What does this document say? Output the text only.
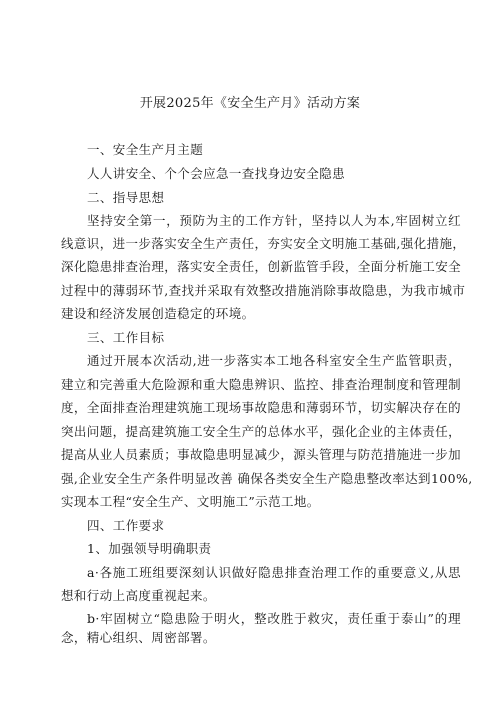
开展2025年《安全生产月》活动方案
一、安全生产月主题
人人讲安全、个个会应急一查找身边安全隐患
二、指导思想
坚持安全第一，预防为主的工作方针，坚持以人为本,牢固树立红
线意识，进一步落实安全生产责任，夯实安全文明施工基础,强化措施，
深化隐患排查治理，落实安全责任，创新监管手段，全面分析施工安全
过程中的薄弱环节,查找并采取有效整改措施消除事故隐患，为我市城市
建设和经济发展创造稳定的环境。
三、工作目标
通过开展本次活动,进一步落实本工地各科室安全生产监管职责，
建立和完善重大危险源和重大隐患辨识、监控、排查治理制度和管理制
度，全面排查治理建筑施工现场事故隐患和薄弱环节，切实解决存在的
突出问题，提高建筑施工安全生产的总体水平，强化企业的主体责任，
提高从业人员素质；事故隐患明显减少，源头管理与防范措施进一步加
强,企业安全生产条件明显改善 确保各类安全生产隐患整改率达到100%,
实现本工程“安全生产、文明施工”示范工地。
四、工作要求
1、加强领导明确职责
a·各施工班组要深刻认识做好隐患排查治理工作的重要意义,从思
想和行动上高度重视起来。
b·牢固树立“隐患险于明火，整改胜于救灾，责任重于泰山”的理
念，精心组织、周密部署。
